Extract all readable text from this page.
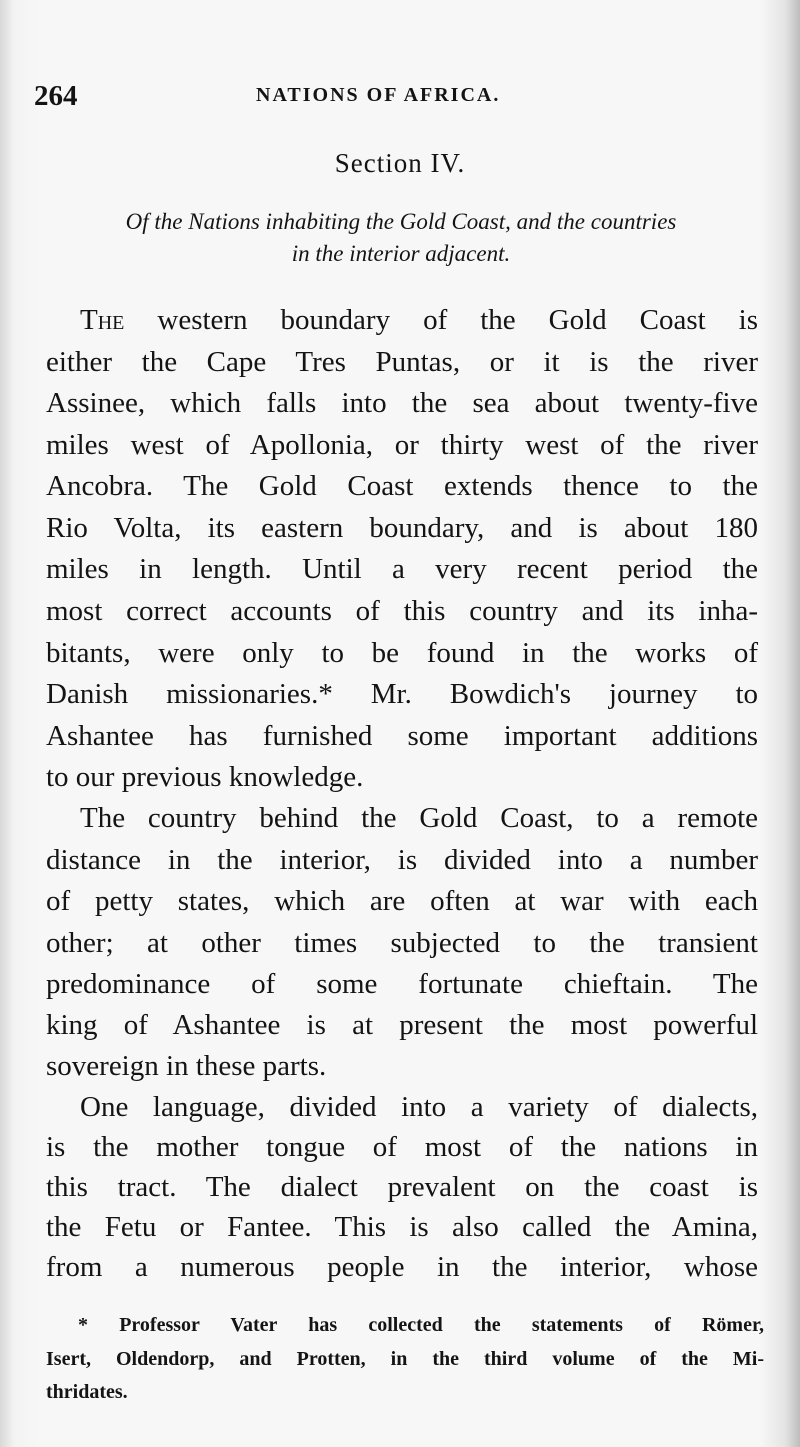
264	NATIONS OF AFRICA.
Section IV.
Of the Nations inhabiting the Gold Coast, and the countries
in the interior adjacent.
The western boundary of the Gold Coast is
either the Cape Tres Puntas, or it is the river
Assinee, which falls into the sea about twenty-five
miles west of Apollonia, or thirty west of the river
Ancobra. The Gold Coast extends thence to the
Rio Volta, its eastern boundary, and is about 180
miles in length. Until a very recent period the
most correct accounts of this country and its inha-
bitants, were only to be found in the works of
Danish missionaries.* Mr. Bowdich's journey to
Ashantee has furnished some important additions
to our previous knowledge.
The country behind the Gold Coast, to a remote
distance in the interior, is divided into a number
of petty states, which are often at war with each
other; at other times subjected to the transient
predominance of some fortunate chieftain. The
king of Ashantee is at present the most powerful
sovereign in these parts.
One language, divided into a variety of dialects,
is the mother tongue of most of the nations in
this tract. The dialect prevalent on the coast is
the Fetu or Fantee. This is also called the Amina,
from a numerous people in the interior, whose
* Professor Vater has collected the statements of Römer,
Isert, Oldendorp, and Protten, in the third volume of the Mi-
thridates.
